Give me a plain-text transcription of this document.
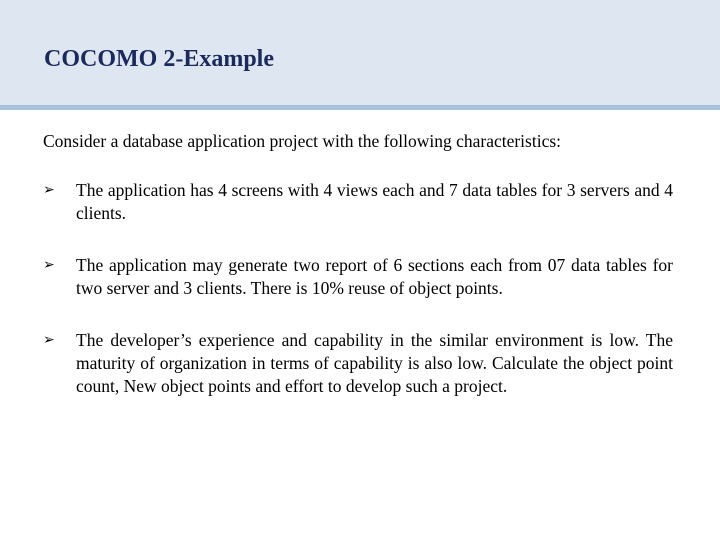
COCOMO 2-Example

Consider a database application project with the following characteristics:

➢	The application has 4 screens with 4 views each and 7 data tables for 3 servers and 4 clients.
➢	The application may generate two report of 6 sections each from 07 data tables for two server and 3 clients. There is 10% reuse of object points.
➢	The developer’s experience and capability in the similar environment is low. The maturity of organization in terms of capability is also low. Calculate the object point count, New object points and effort to develop such a project.
